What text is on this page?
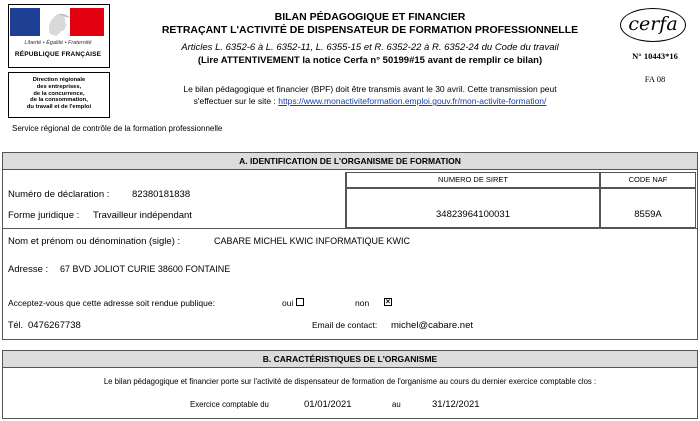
Liberté • Égalité • Fraternité
RÉPUBLIQUE FRANÇAISE
Direction régionale
des entreprises,
de la concurrence,
de la consommation,
du travail et de l'emploi
Service régional de contrôle de la formation professionnelle
BILAN PÉDAGOGIQUE ET FINANCIER
RETRAÇANT L'ACTIVITÉ DE DISPENSATEUR DE FORMATION PROFESSIONNELLE
Articles L. 6352-6 à L. 6352-11, L. 6355-15 et R. 6352-22 à R. 6352-24 du Code du travail
(Lire ATTENTIVEMENT la notice Cerfa n° 50199#15 avant de remplir ce bilan)
Le bilan pédagogique et financier (BPF) doit être transmis avant le 30 avril. Cette transmission peut
s'effectuer sur le site : https://www.monactiviteformation.emploi.gouv.fr/mon-activite-formation/
cerfa
N° 10443*16
FA 08
A. IDENTIFICATION DE L'ORGANISME DE FORMATION
NUMERO DE SIRET	CODE NAF
34823964100031	8559A
Numéro de déclaration : 82380181838
Forme juridique : Travailleur indépendant
Nom et prénom ou dénomination (sigle) :	CABARE MICHEL KWIC INFORMATIQUE KWIC
Adresse : 67 BVD JOLIOT CURIE 38600 FONTAINE
Acceptez-vous que cette adresse soit rendue publique:	oui	non ×
Tél. 0476267738	Email de contact: michel@cabare.net
B. CARACTÉRISTIQUES DE L'ORGANISME
Le bilan pédagogique et financier porte sur l'activité de dispensateur de formation de l'organisme au cours du dernier exercice comptable clos :
Exercice comptable du	01/01/2021	au	31/12/2021
